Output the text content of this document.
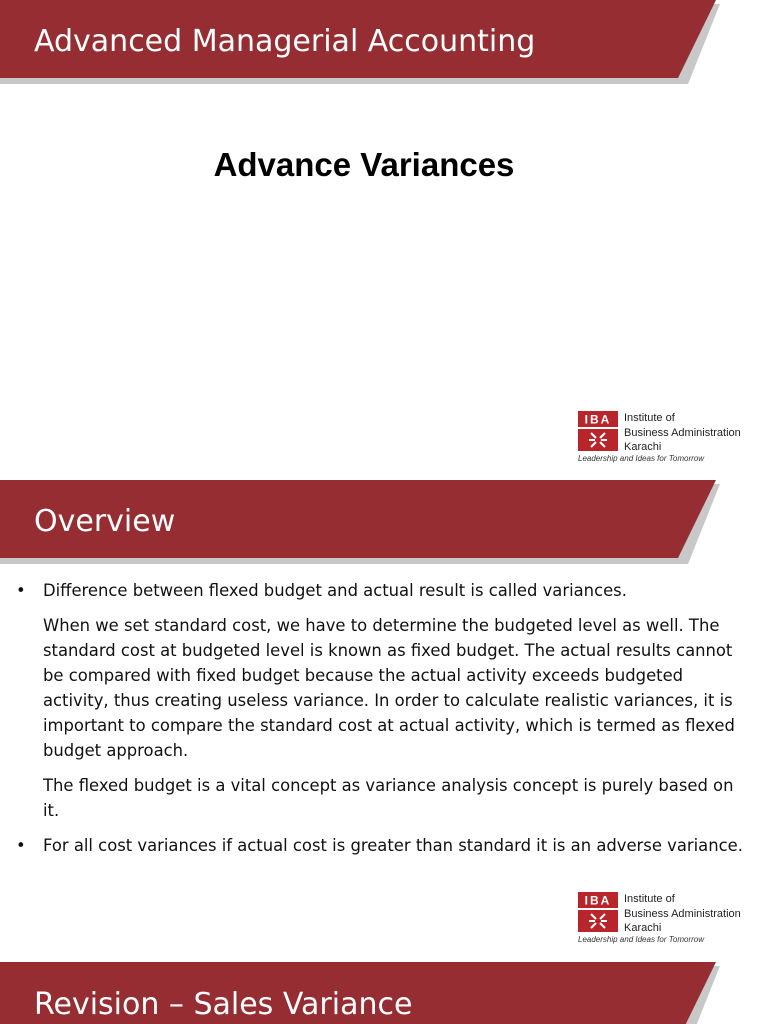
Advanced Managerial Accounting
Advance Variances
IBA Institute of
Business Administration
Karachi
Leadership and Ideas for Tomorrow
Overview
• Difference between flexed budget and actual result is called variances.
When we set standard cost, we have to determine the budgeted level as well. The standard cost at budgeted level is known as fixed budget. The actual results cannot be compared with fixed budget because the actual activity exceeds budgeted activity, thus creating useless variance. In order to calculate realistic variances, it is important to compare the standard cost at actual activity, which is termed as flexed budget approach.
The flexed budget is a vital concept as variance analysis concept is purely based on it.
• For all cost variances if actual cost is greater than standard it is an adverse variance.
IBA Institute of
Business Administration
Karachi
Leadership and Ideas for Tomorrow
Revision – Sales Variance
